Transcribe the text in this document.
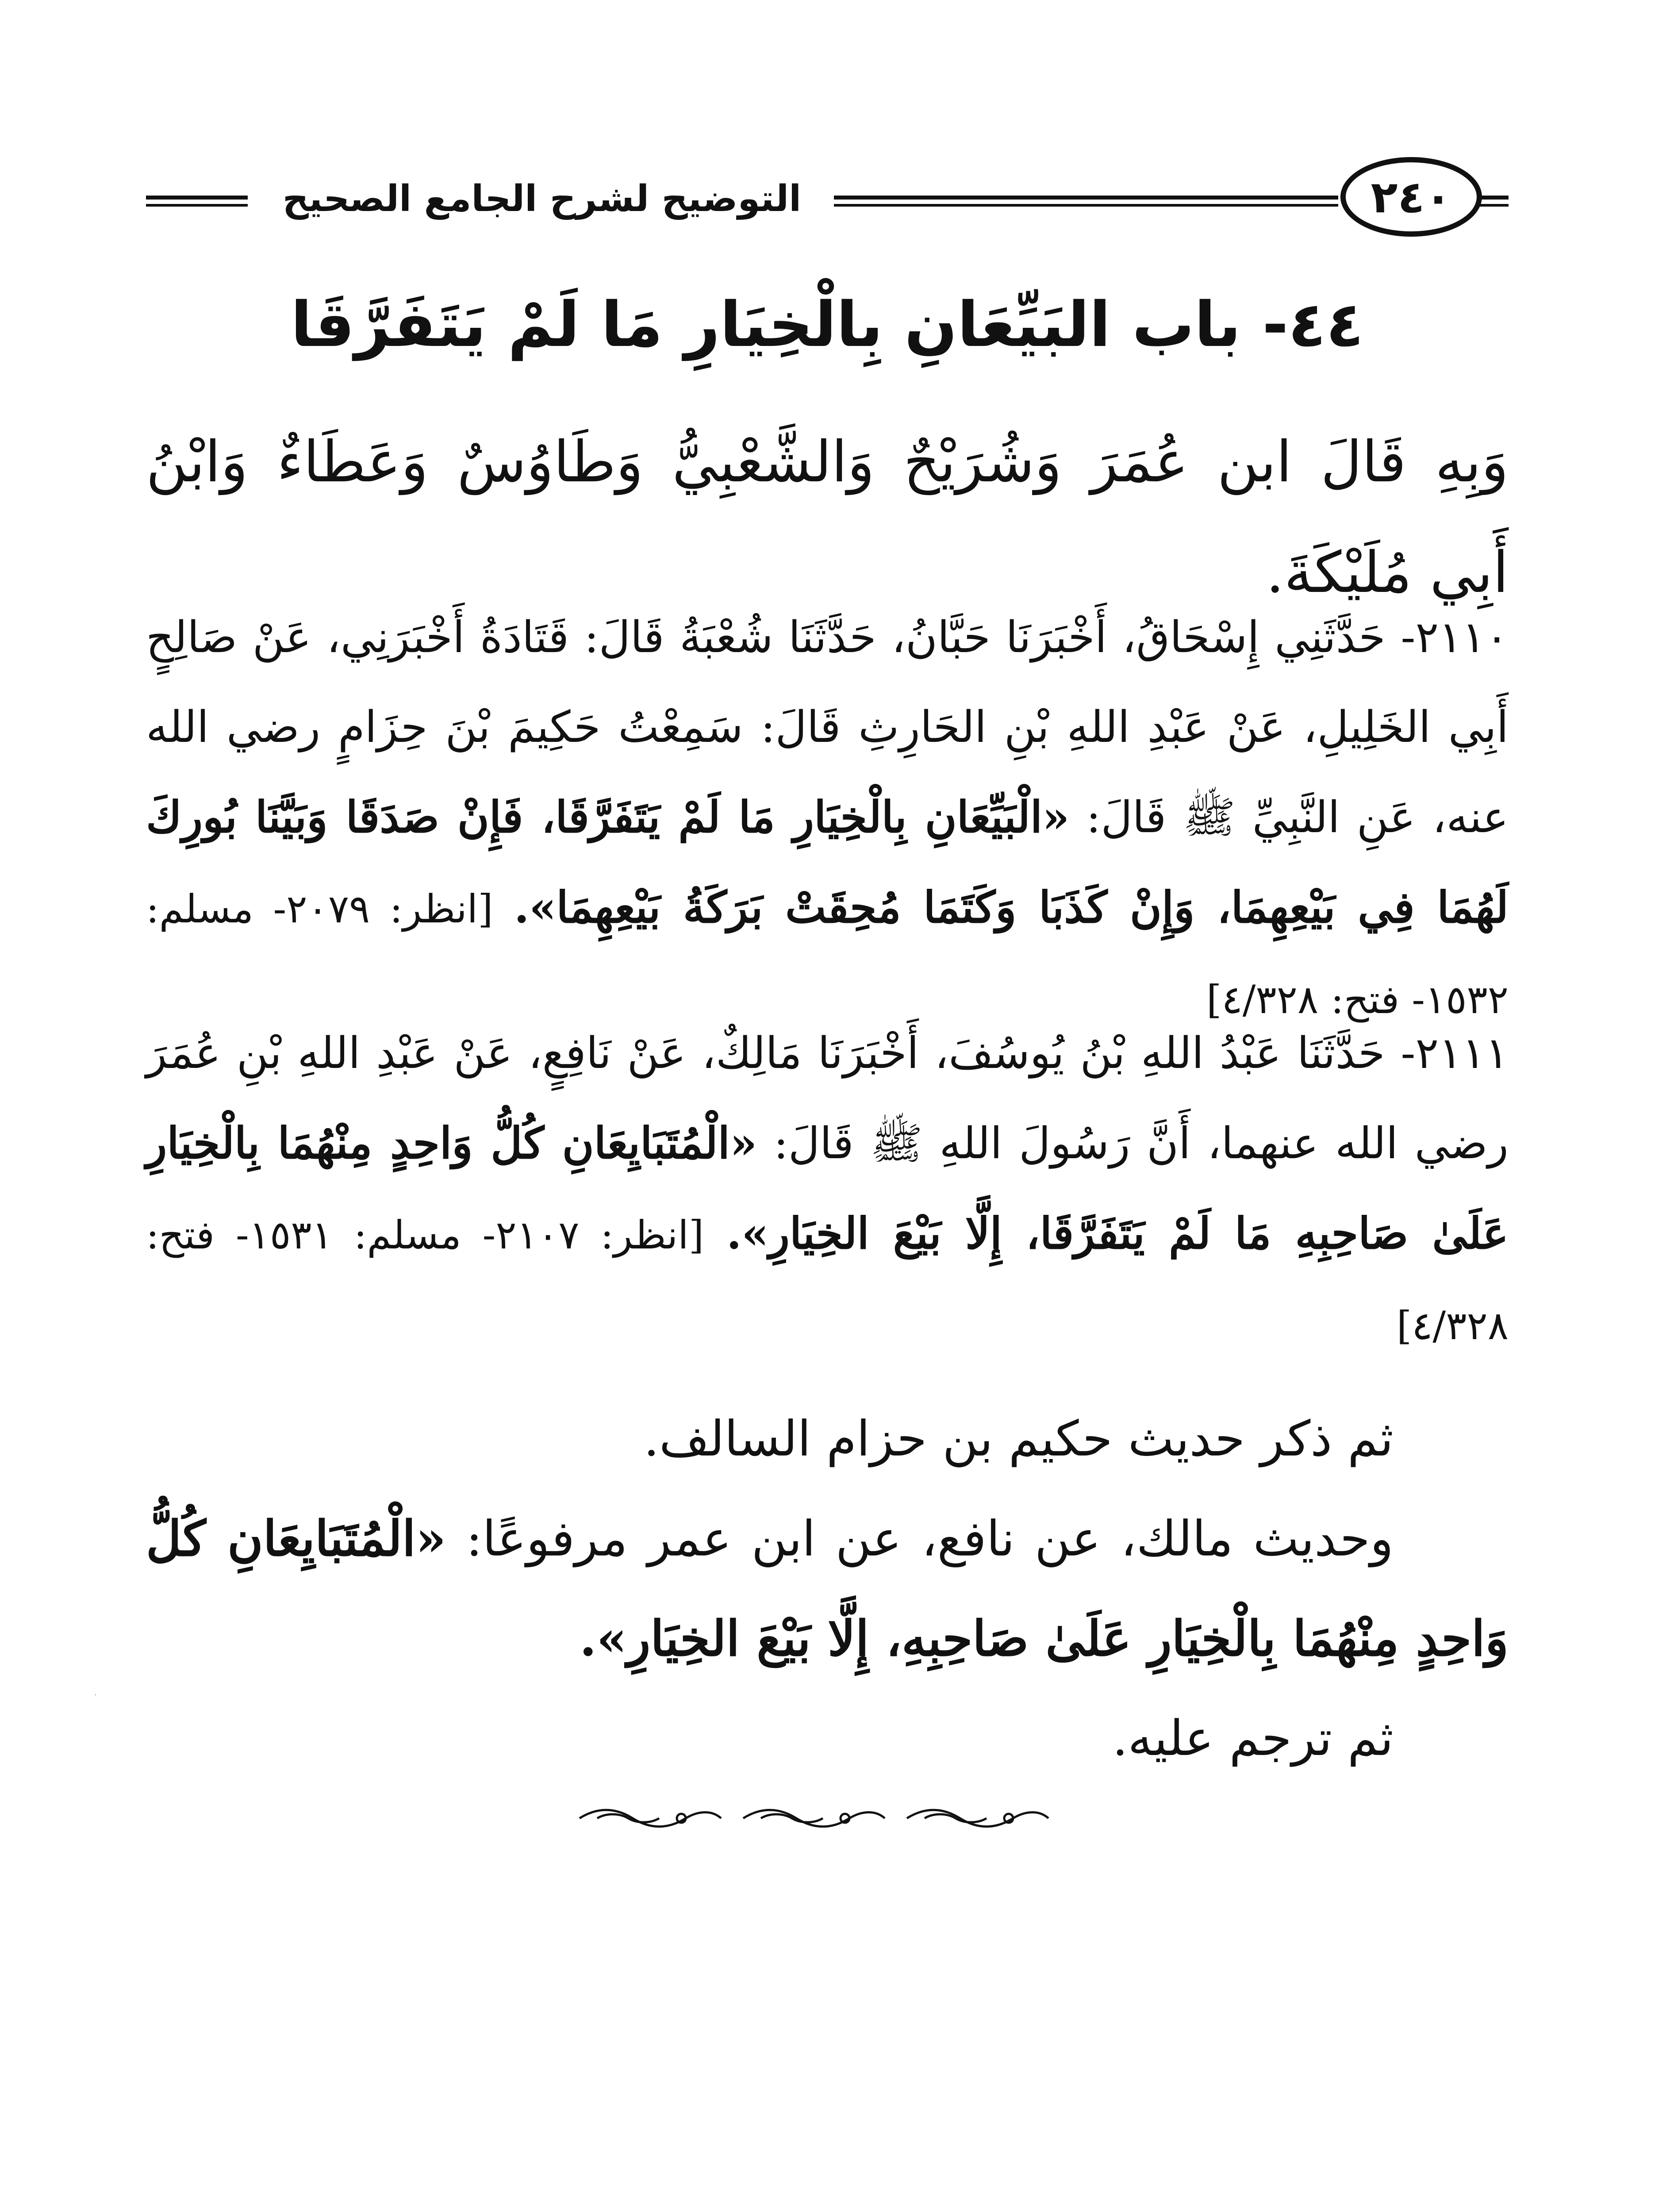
التوضيح لشرح الجامع الصحيح	٢٤٠
٤٤- باب البَيِّعَانِ بِالْخِيَارِ مَا لَمْ يَتَفَرَّقَا

وَبِهِ قَالَ ابن عُمَرَ وَشُرَيْحٌ وَالشَّعْبِيُّ وَطَاوُسٌ وَعَطَاءٌ وَابْنُ أَبِي مُلَيْكَةَ.

٢١١٠- حَدَّثَنِي إِسْحَاقُ، أَخْبَرَنَا حَبَّانُ، حَدَّثَنَا شُعْبَةُ قَالَ: قَتَادَةُ أَخْبَرَنِي، عَنْ صَالِحٍ أَبِي الخَلِيلِ، عَنْ عَبْدِ اللهِ بْنِ الحَارِثِ قَالَ: سَمِعْتُ حَكِيمَ بْنَ حِزَامٍ رضي الله عنه، عَنِ النَّبِيِّ ﷺ قَالَ: «الْبَيِّعَانِ بِالْخِيَارِ مَا لَمْ يَتَفَرَّقَا، فَإِنْ صَدَقَا وَبَيَّنَا بُورِكَ لَهُمَا فِي بَيْعِهِمَا، وَإِنْ كَذَبَا وَكَتَمَا مُحِقَتْ بَرَكَةُ بَيْعِهِمَا». [انظر: ٢٠٧٩- مسلم: ١٥٣٢- فتح: ٤/٣٢٨]

٢١١١- حَدَّثَنَا عَبْدُ اللهِ بْنُ يُوسُفَ، أَخْبَرَنَا مَالِكٌ، عَنْ نَافِعٍ، عَنْ عَبْدِ اللهِ بْنِ عُمَرَ رضي الله عنهما، أَنَّ رَسُولَ اللهِ ﷺ قَالَ: «الْمُتَبَايِعَانِ كُلُّ وَاحِدٍ مِنْهُمَا بِالْخِيَارِ عَلَىٰ صَاحِبِهِ مَا لَمْ يَتَفَرَّقَا، إِلَّا بَيْعَ الخِيَارِ». [انظر: ٢١٠٧- مسلم: ١٥٣١- فتح: ٤/٣٢٨]

ثم ذكر حديث حكيم بن حزام السالف.

وحديث مالك، عن نافع، عن ابن عمر مرفوعًا: «الْمُتَبَايِعَانِ كُلُّ وَاحِدٍ مِنْهُمَا بِالْخِيَارِ عَلَىٰ صَاحِبِهِ، إِلَّا بَيْعَ الخِيَارِ».

ثم ترجم عليه.
